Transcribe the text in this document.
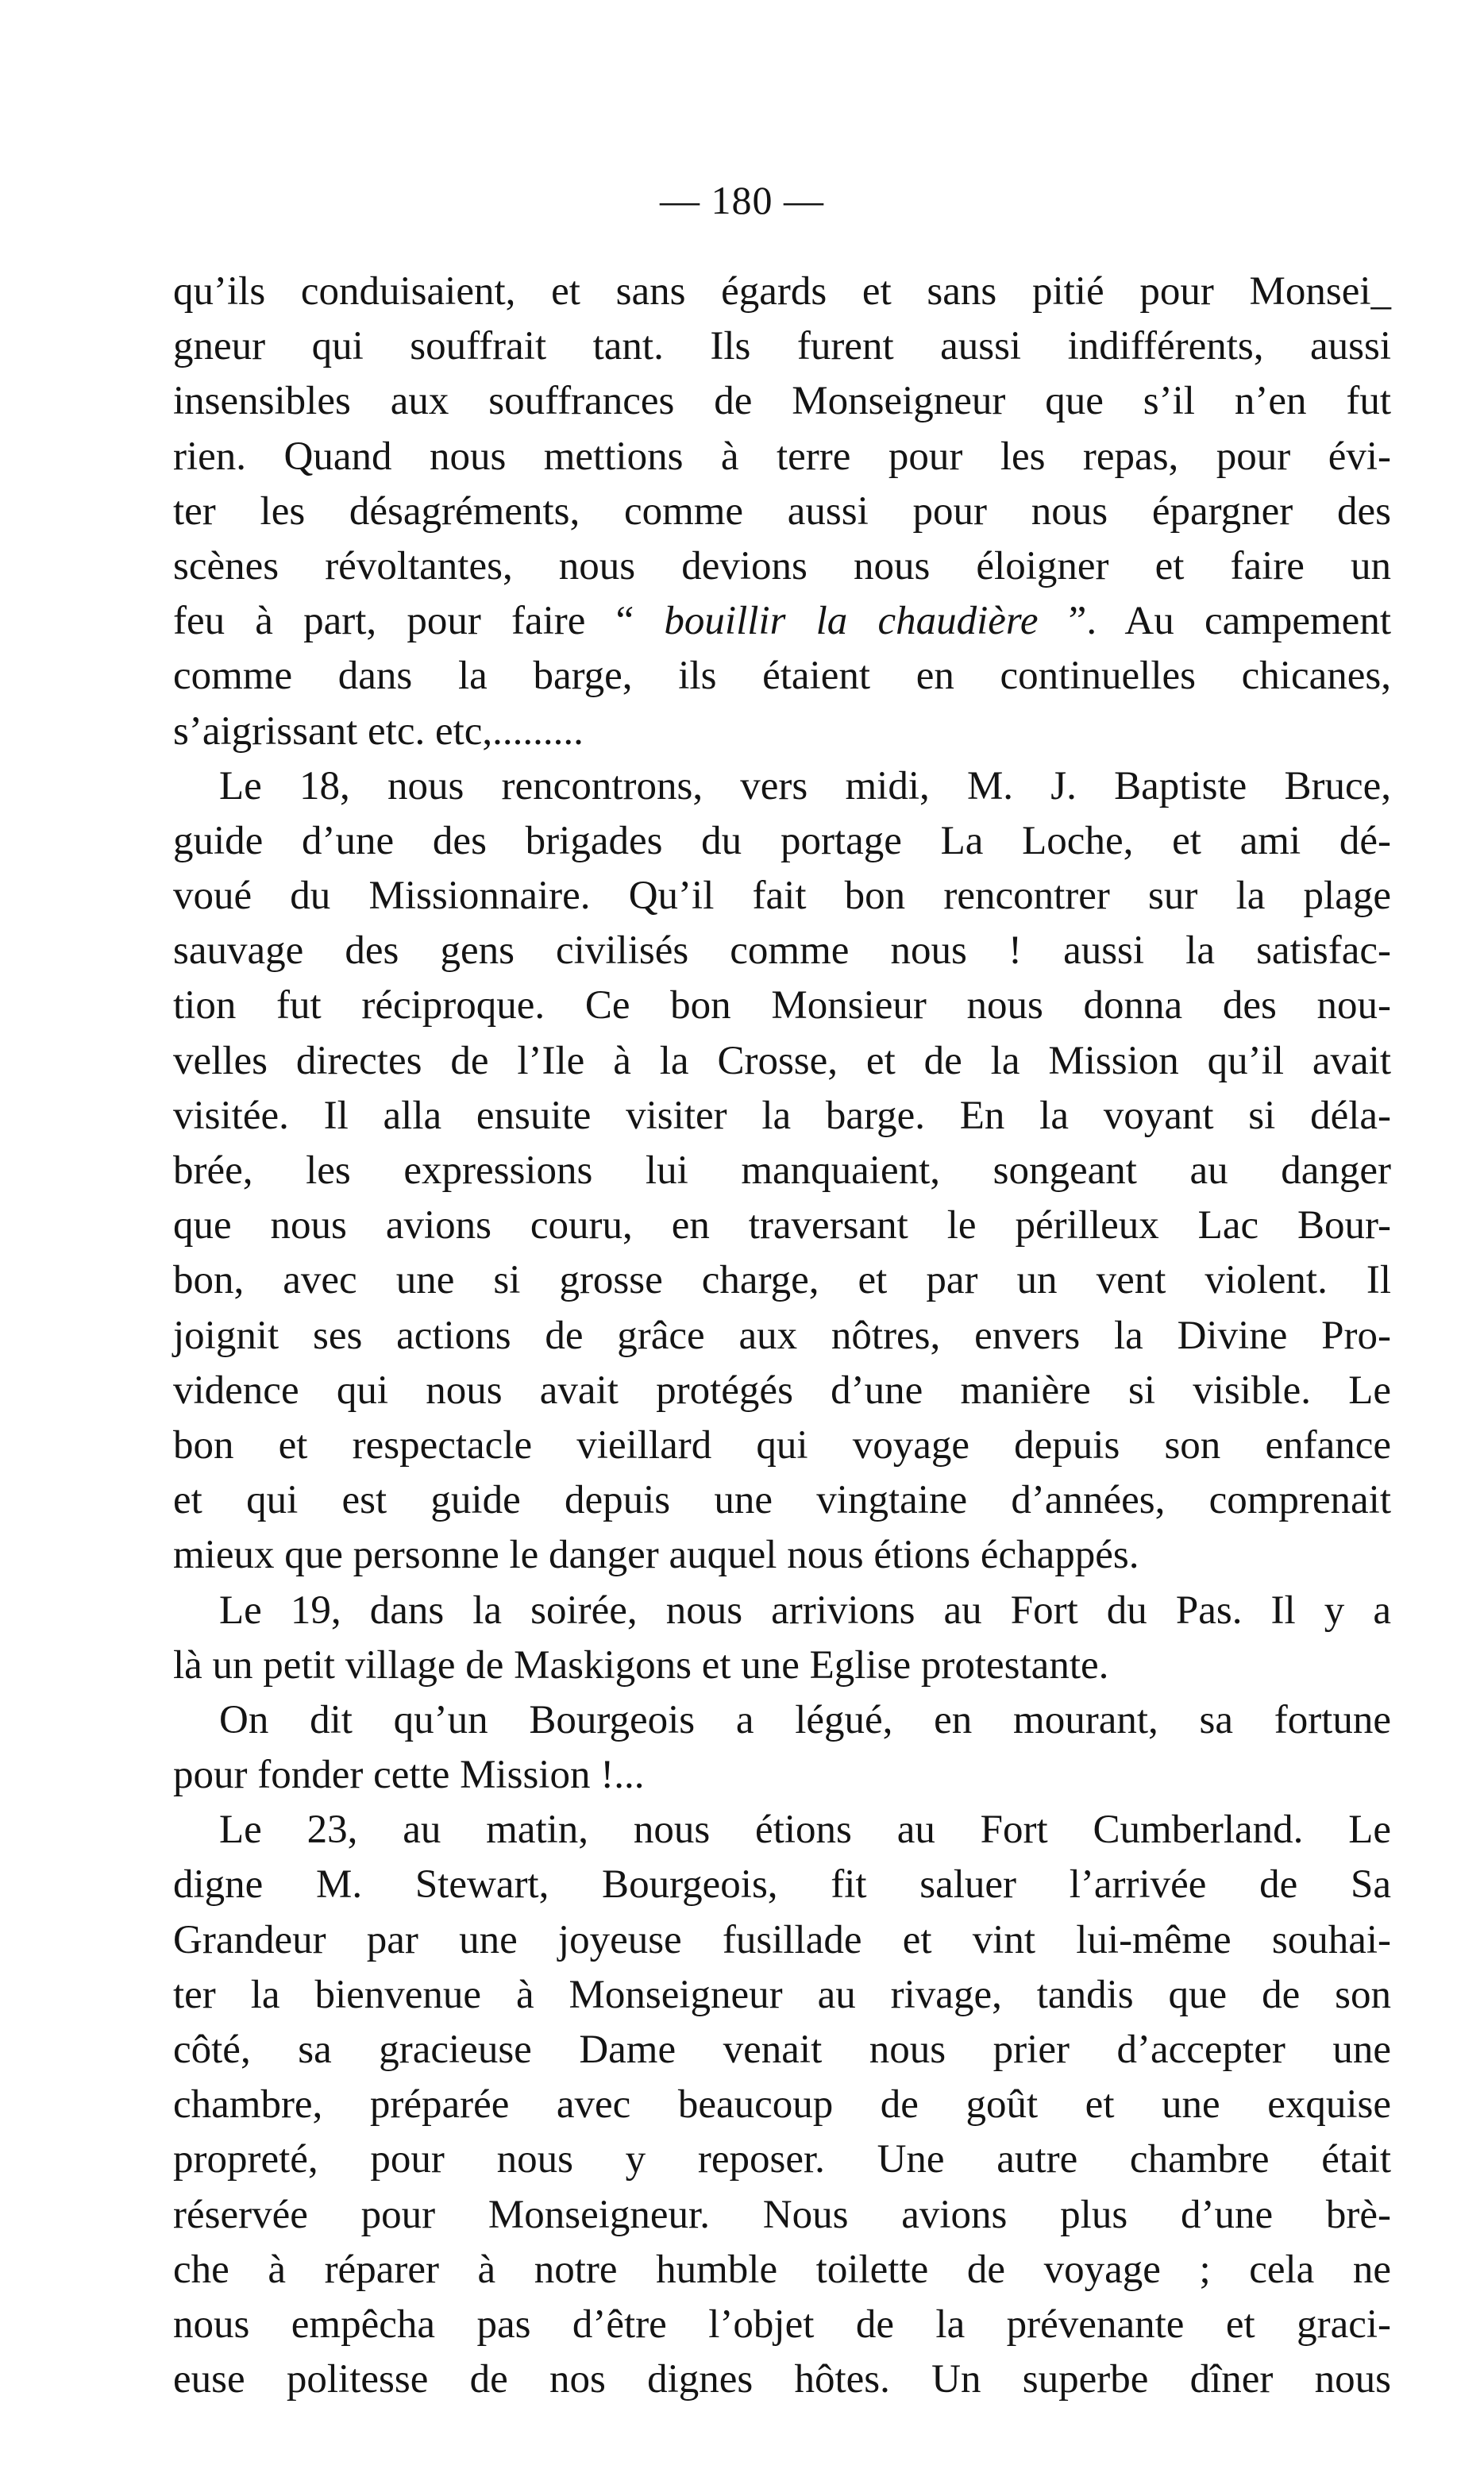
— 180 —
qu’ils conduisaient, et sans égards et sans pitié pour Monsei_
gneur qui souffrait tant. Ils furent aussi indifférents, aussi
insensibles aux souffrances de Monseigneur que s’il n’en fut
rien. Quand nous mettions à terre pour les repas, pour évi-
ter les désagréments, comme aussi pour nous épargner des
scènes révoltantes, nous devions nous éloigner et faire un
feu à part, pour faire “ bouillir la chaudière ”. Au campement
comme dans la barge, ils étaient en continuelles chicanes,
s’aigrissant etc. etc,.........
Le 18, nous rencontrons, vers midi, M. J. Baptiste Bruce,
guide d’une des brigades du portage La Loche, et ami dé-
voué du Missionnaire. Qu’il fait bon rencontrer sur la plage
sauvage des gens civilisés comme nous ! aussi la satisfac-
tion fut réciproque. Ce bon Monsieur nous donna des nou-
velles directes de l’Ile à la Crosse, et de la Mission qu’il avait
visitée. Il alla ensuite visiter la barge. En la voyant si déla-
brée, les expressions lui manquaient, songeant au danger
que nous avions couru, en traversant le périlleux Lac Bour-
bon, avec une si grosse charge, et par un vent violent. Il
joignit ses actions de grâce aux nôtres, envers la Divine Pro-
vidence qui nous avait protégés d’une manière si visible. Le
bon et respectacle vieillard qui voyage depuis son enfance
et qui est guide depuis une vingtaine d’années, comprenait
mieux que personne le danger auquel nous étions échappés.
Le 19, dans la soirée, nous arrivions au Fort du Pas. Il y a
là un petit village de Maskigons et une Eglise protestante.
On dit qu’un Bourgeois a légué, en mourant, sa fortune
pour fonder cette Mission !...
Le 23, au matin, nous étions au Fort Cumberland. Le
digne M. Stewart, Bourgeois, fit saluer l’arrivée de Sa
Grandeur par une joyeuse fusillade et vint lui-même souhai-
ter la bienvenue à Monseigneur au rivage, tandis que de son
côté, sa gracieuse Dame venait nous prier d’accepter une
chambre, préparée avec beaucoup de goût et une exquise
propreté, pour nous y reposer. Une autre chambre était
réservée pour Monseigneur. Nous avions plus d’une brè-
che à réparer à notre humble toilette de voyage ; cela ne
nous empêcha pas d’être l’objet de la prévenante et graci-
euse politesse de nos dignes hôtes. Un superbe dîner nous
